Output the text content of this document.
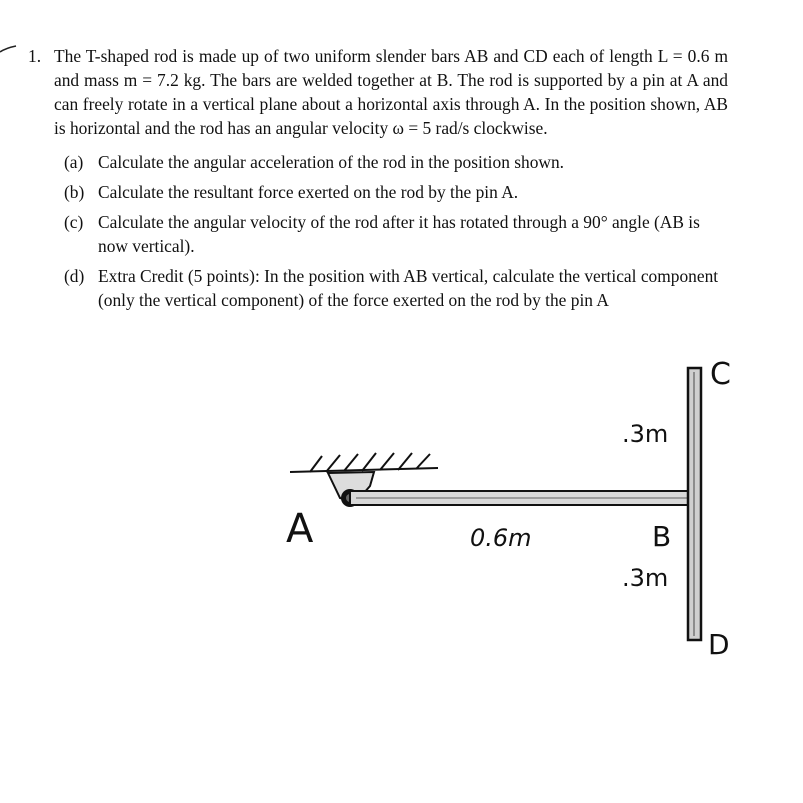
1. The T-shaped rod is made up of two uniform slender bars AB and CD each of length L = 0.6 m and mass m = 7.2 kg. The bars are welded together at B. The rod is supported by a pin at A and can freely rotate in a vertical plane about a horizontal axis through A. In the position shown, AB is horizontal and the rod has an angular velocity ω = 5 rad/s clockwise.
(a) Calculate the angular acceleration of the rod in the position shown.
(b) Calculate the resultant force exerted on the rod by the pin A.
(c) Calculate the angular velocity of the rod after it has rotated through a 90° angle (AB is now vertical).
(d) Extra Credit (5 points): In the position with AB vertical, calculate the vertical component (only the vertical component) of the force exerted on the rod by the pin A
A	0.6m	B
.3m
.3m
C
D
